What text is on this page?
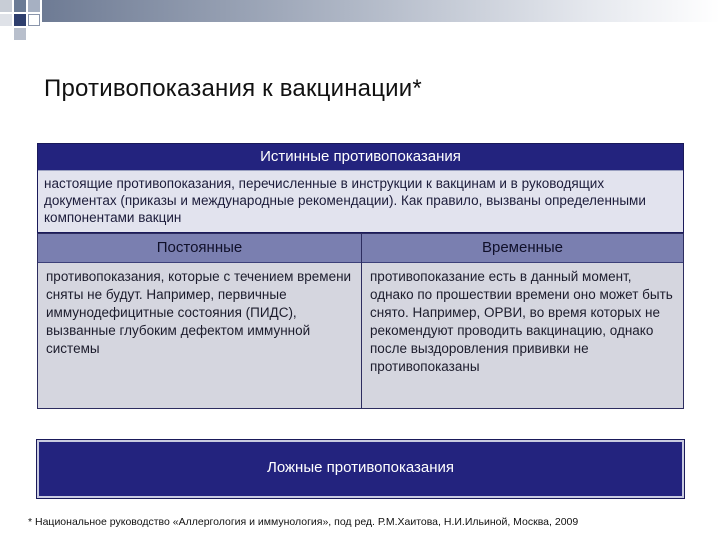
Противопоказания к вакцинации*
Истинные противопоказания
настоящие противопоказания, перечисленные в инструкции к вакцинам и в руководящих документах (приказы и международные рекомендации). Как правило, вызваны определенными компонентами вакцин
Постоянные
противопоказания, которые с течением времени сняты не будут. Например, первичные иммунодефицитные состояния (ПИДС), вызванные глубоким дефектом иммунной системы
Временные
противопоказание есть в данный момент, однако по прошествии времени оно может быть снято. Например, ОРВИ, во время которых не рекомендуют проводить вакцинацию, однако после выздоровления прививки не противопоказаны
Ложные противопоказания
* Национальное руководство «Аллергология и иммунология», под ред. Р.М.Хаитова, Н.И.Ильиной, Москва, 2009
